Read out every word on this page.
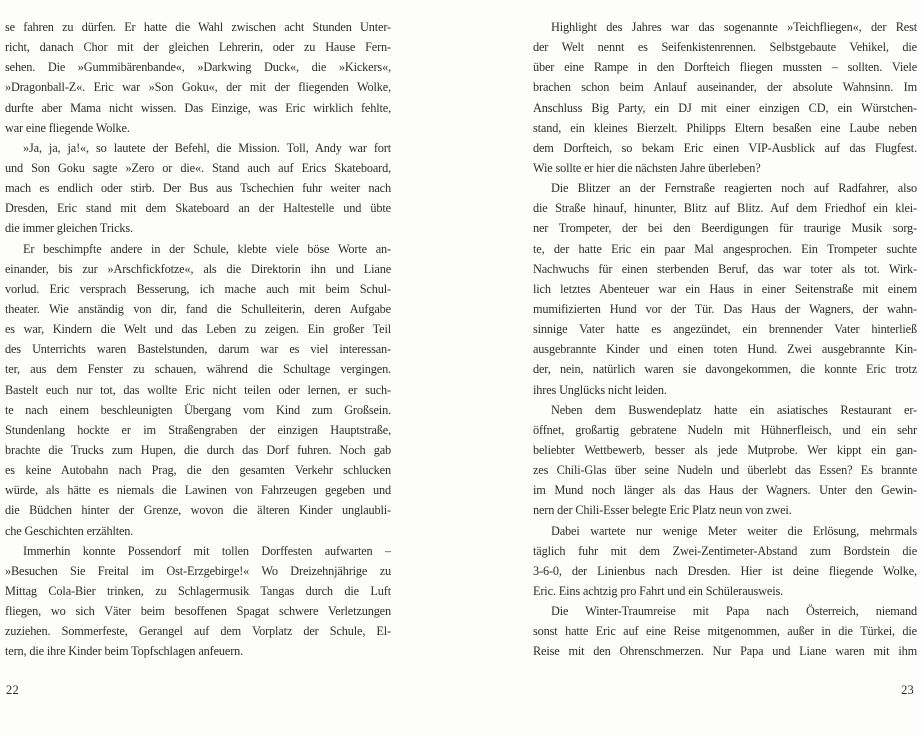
se fahren zu dürfen. Er hatte die Wahl zwischen acht Stunden Unter-
richt, danach Chor mit der gleichen Lehrerin, oder zu Hause Fern-
sehen. Die »Gummibärenbande«, »Darkwing Duck«, die »Kickers«,
»Dragonball-Z«. Eric war »Son Goku«, der mit der fliegenden Wolke,
durfte aber Mama nicht wissen. Das Einzige, was Eric wirklich fehlte,
war eine fliegende Wolke.
»Ja, ja, ja!«, so lautete der Befehl, die Mission. Toll, Andy war fort
und Son Goku sagte »Zero or die«. Stand auch auf Erics Skateboard,
mach es endlich oder stirb. Der Bus aus Tschechien fuhr weiter nach
Dresden, Eric stand mit dem Skateboard an der Haltestelle und übte
die immer gleichen Tricks.
Er beschimpfte andere in der Schule, klebte viele böse Worte an-
einander, bis zur »Arschfickfotze«, als die Direktorin ihn und Liane
vorlud. Eric versprach Besserung, ich mache auch mit beim Schul-
theater. Wie anständig von dir, fand die Schulleiterin, deren Aufgabe
es war, Kindern die Welt und das Leben zu zeigen. Ein großer Teil
des Unterrichts waren Bastelstunden, darum war es viel interessan-
ter, aus dem Fenster zu schauen, während die Schultage vergingen.
Bastelt euch nur tot, das wollte Eric nicht teilen oder lernen, er such-
te nach einem beschleunigten Übergang vom Kind zum Großsein.
Stundenlang hockte er im Straßengraben der einzigen Hauptstraße,
brachte die Trucks zum Hupen, die durch das Dorf fuhren. Noch gab
es keine Autobahn nach Prag, die den gesamten Verkehr schlucken
würde, als hätte es niemals die Lawinen von Fahrzeugen gegeben und
die Büdchen hinter der Grenze, wovon die älteren Kinder unglaubli-
che Geschichten erzählten.
Immerhin konnte Possendorf mit tollen Dorffesten aufwarten –
»Besuchen Sie Freital im Ost-Erzgebirge!« Wo Dreizehnjährige zu
Mittag Cola-Bier trinken, zu Schlagermusik Tangas durch die Luft
fliegen, wo sich Väter beim besoffenen Spagat schwere Verletzungen
zuziehen. Sommerfeste, Gerangel auf dem Vorplatz der Schule, El-
tern, die ihre Kinder beim Topfschlagen anfeuern.
22
Highlight des Jahres war das sogenannte »Teichfliegen«, der Rest
der Welt nennt es Seifenkistenrennen. Selbstgebaute Vehikel, die
über eine Rampe in den Dorfteich fliegen mussten – sollten. Viele
brachen schon beim Anlauf auseinander, der absolute Wahnsinn. Im
Anschluss Big Party, ein DJ mit einer einzigen CD, ein Würstchen-
stand, ein kleines Bierzelt. Philipps Eltern besaßen eine Laube neben
dem Dorfteich, so bekam Eric einen VIP-Ausblick auf das Flugfest.
Wie sollte er hier die nächsten Jahre überleben?
Die Blitzer an der Fernstraße reagierten noch auf Radfahrer, also
die Straße hinauf, hinunter, Blitz auf Blitz. Auf dem Friedhof ein klei-
ner Trompeter, der bei den Beerdigungen für traurige Musik sorg-
te, der hatte Eric ein paar Mal angesprochen. Ein Trompeter suchte
Nachwuchs für einen sterbenden Beruf, das war toter als tot. Wirk-
lich letztes Abenteuer war ein Haus in einer Seitenstraße mit einem
mumifizierten Hund vor der Tür. Das Haus der Wagners, der wahn-
sinnige Vater hatte es angezündet, ein brennender Vater hinterließ
ausgebrannte Kinder und einen toten Hund. Zwei ausgebrannte Kin-
der, nein, natürlich waren sie davongekommen, die konnte Eric trotz
ihres Unglücks nicht leiden.
Neben dem Buswendeplatz hatte ein asiatisches Restaurant er-
öffnet, großartig gebratene Nudeln mit Hühnerfleisch, und ein sehr
beliebter Wettbewerb, besser als jede Mutprobe. Wer kippt ein gan-
zes Chili-Glas über seine Nudeln und überlebt das Essen? Es brannte
im Mund noch länger als das Haus der Wagners. Unter den Gewin-
nern der Chili-Esser belegte Eric Platz neun von zwei.
Dabei wartete nur wenige Meter weiter die Erlösung, mehrmals
täglich fuhr mit dem Zwei-Zentimeter-Abstand zum Bordstein die
3-6-0, der Linienbus nach Dresden. Hier ist deine fliegende Wolke,
Eric. Eins achtzig pro Fahrt und ein Schülerausweis.
Die Winter-Traumreise mit Papa nach Österreich, niemand
sonst hatte Eric auf eine Reise mitgenommen, außer in die Türkei, die
Reise mit den Ohrenschmerzen. Nur Papa und Liane waren mit ihm
23
